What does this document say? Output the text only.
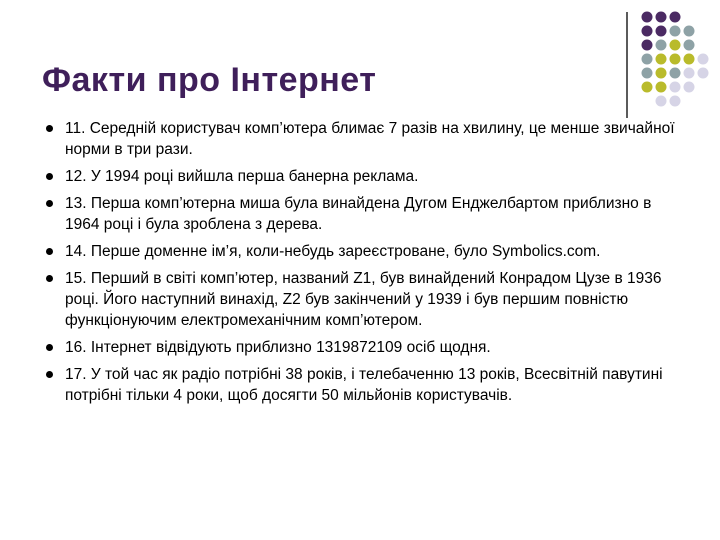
Факти про Інтернет
11. Середній користувач комп’ютера блимає 7 разів на хвилину, це менше звичайної норми в три рази.
12. У 1994 році вийшла перша банерна реклама.
13. Перша комп’ютерна миша була винайдена Дугом Енджелбартом приблизно в 1964 році і була зроблена з дерева.
14. Перше доменне ім’я, коли-небудь зареєстроване, було Symbolics.com.
15. Перший в світі комп’ютер, названий Z1, був винайдений Конрадом Цузе в 1936 році. Його наступний винахід, Z2 був закінчений у 1939 і був першим повністю функціонуючим електромеханічним комп’ютером.
16. Інтернет відвідують приблизно 1319872109 осіб щодня.
17. У той час як радіо потрібні 38 років, і телебаченню 13 років, Всесвітній павутині потрібні тільки 4 роки, щоб досягти 50 мільйонів користувачів.
